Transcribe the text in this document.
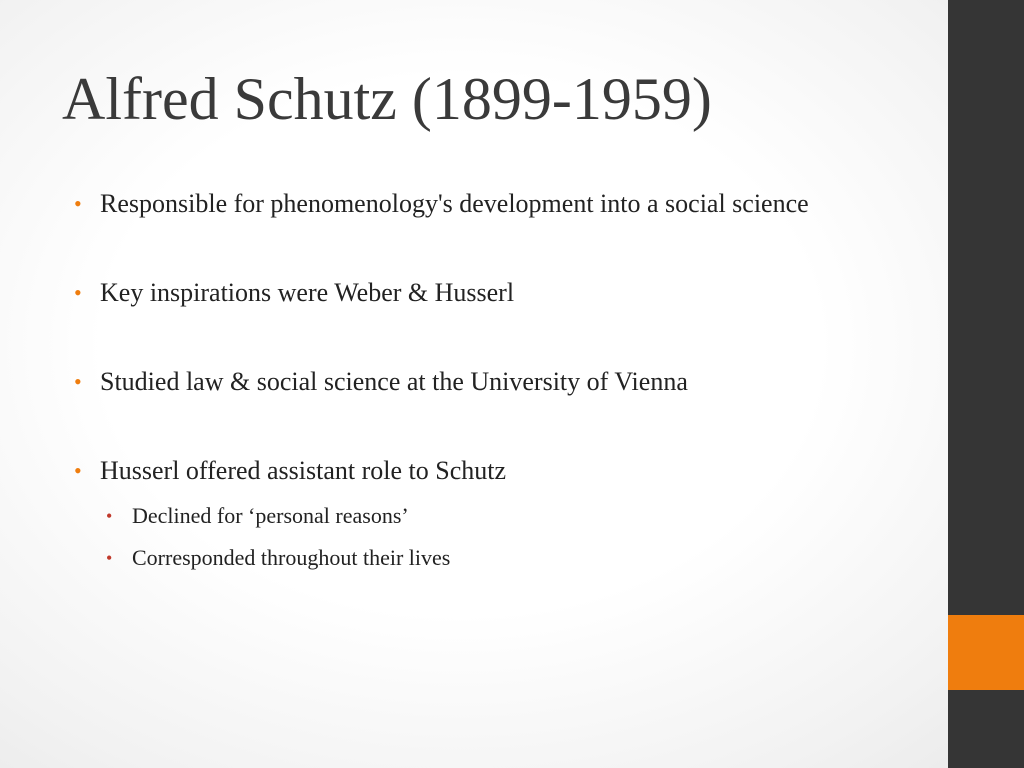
Alfred Schutz (1899-1959)
• Responsible for phenomenology's development into a social science
• Key inspirations were Weber & Husserl
• Studied law & social science at the University of Vienna
• Husserl offered assistant role to Schutz
• Declined for ‘personal reasons’
• Corresponded throughout their lives
